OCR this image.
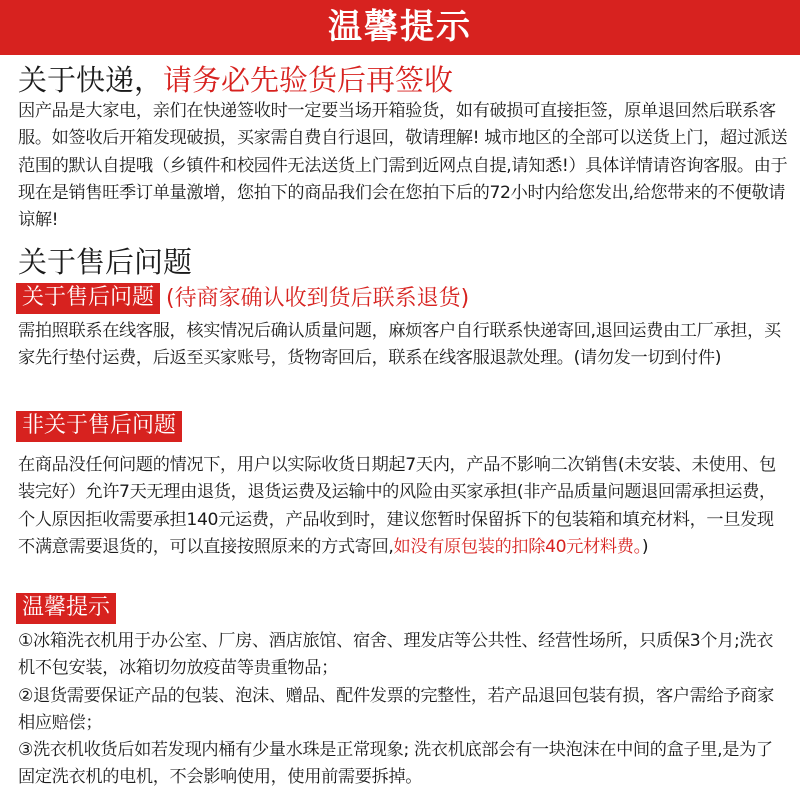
温馨提示
关于快递，请务必先验货后再签收
因产品是大家电，亲们在快递签收时一定要当场开箱验货，如有破损可直接拒签，原单退回然后联系客服。如签收后开箱发现破损，买家需自费自行退回，敬请理解! 城市地区的全部可以送货上门，超过派送范围的默认自提哦（乡镇件和校园件无法送货上门需到近网点自提,请知悉!）具体详情请咨询客服。由于现在是销售旺季订单量激增，您拍下的商品我们会在您拍下后的72小时内给您发出,给您带来的不便敬请谅解!
关于售后问题
关于售后问题 (待商家确认收到货后联系退货)
需拍照联系在线客服，核实情况后确认质量问题，麻烦客户自行联系快递寄回,退回运费由工厂承担，买家先行垫付运费，后返至买家账号，货物寄回后，联系在线客服退款处理。(请勿发一切到付件)
非关于售后问题
在商品没任何问题的情况下，用户以实际收货日期起7天内，产品不影响二次销售(未安装、未使用、包装完好）允许7天无理由退货，退货运费及运输中的风险由买家承担(非产品质量问题退回需承担运费，个人原因拒收需要承担140元运费，产品收到时，建议您暂时保留拆下的包装箱和填充材料，一旦发现不满意需要退货的，可以直接按照原来的方式寄回,如没有原包装的扣除40元材料费。)
温馨提示
①冰箱洗衣机用于办公室、厂房、酒店旅馆、宿舍、理发店等公共性、经营性场所，只质保3个月;洗衣机不包安装，冰箱切勿放疫苗等贵重物品；
②退货需要保证产品的包装、泡沫、赠品、配件发票的完整性，若产品退回包装有损，客户需给予商家相应赔偿；
③洗衣机收货后如若发现内桶有少量水珠是正常现象; 洗衣机底部会有一块泡沫在中间的盒子里,是为了固定洗衣机的电机，不会影响使用，使用前需要拆掉。
